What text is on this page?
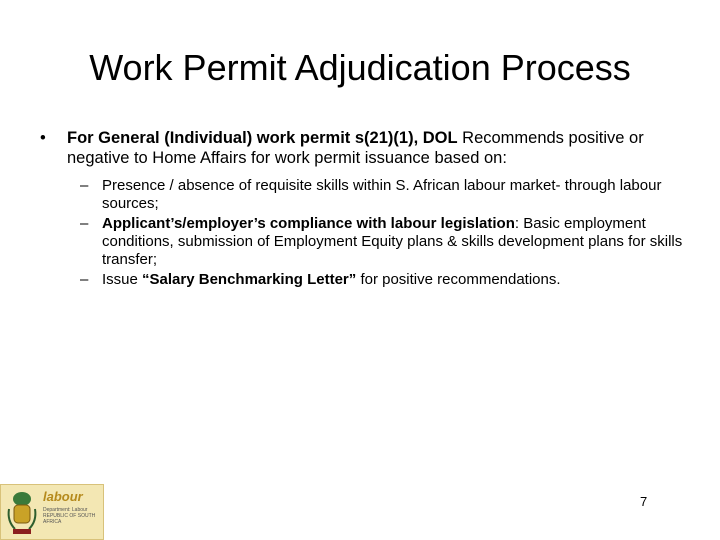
Work Permit Adjudication Process
• For General (Individual) work permit s(21)(1), DOL Recommends positive or negative to Home Affairs for work permit issuance based on:
– Presence / absence of requisite skills within S. African labour market- through labour sources;
– Applicant’s/employer’s compliance with labour legislation: Basic employment conditions, submission of Employment Equity plans & skills development plans for skills transfer;
– Issue “Salary Benchmarking Letter” for positive recommendations.
labour
Department: Labour REPUBLIC OF SOUTH AFRICA
7
